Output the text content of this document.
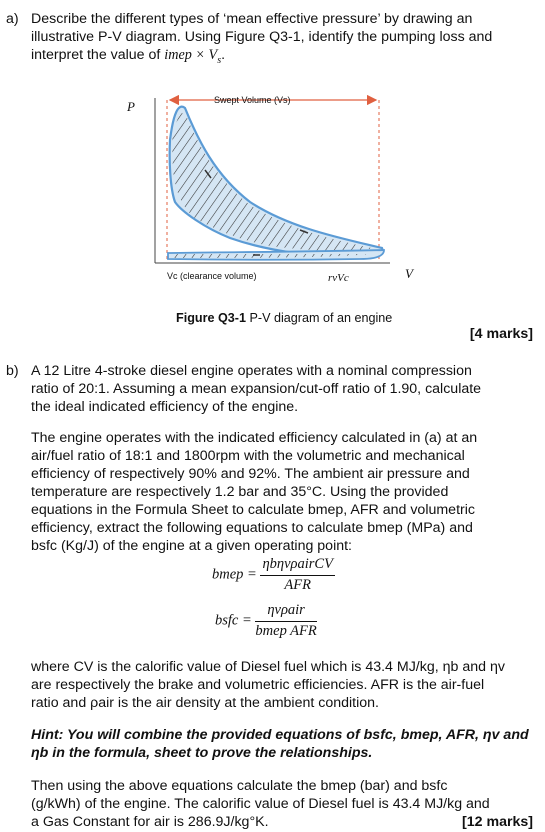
a) Describe the different types of ‘mean effective pressure’ by drawing an
illustrative P-V diagram. Using Figure Q3-1, identify the pumping loss and
interpret the value of imep × $V_s$.
P
V
Swept Volume (Vs)
Vc (clearance volume)	rvVc
Figure Q3-1 P-V diagram of an engine
[4 marks]
b) A 12 Litre 4-stroke diesel engine operates with a nominal compression
ratio of 20:1. Assuming a mean expansion/cut-off ratio of 1.90, calculate
the ideal indicated efficiency of the engine.
The engine operates with the indicated efficiency calculated in (a) at an
air/fuel ratio of 18:1 and 1800rpm with the volumetric and mechanical
efficiency of respectively 90% and 92%. The ambient air pressure and
temperature are respectively 1.2 bar and 35°C. Using the provided
equations in the Formula Sheet to calculate bmep, AFR and volumetric
efficiency, extract the following equations to calculate bmep (MPa) and
bsfc (Kg/J) of the engine at a given operating point:
bmep = $\frac{\text{ηbηvρairCV}}{\text{AFR}}$
bsfc = $\frac{\text{ηvρair}}{\text{bmep AFR}}$
where CV is the calorific value of Diesel fuel which is 43.4 MJ/kg, ηb and ηv
are respectively the brake and volumetric efficiencies. AFR is the air-fuel
ratio and ρair is the air density at the ambient condition.
Hint: You will combine the provided equations of bsfc, bmep, AFR, ηv and
ηb in the formula, sheet to prove the relationships.
Then using the above equations calculate the bmep (bar) and bsfc
(g/kWh) of the engine. The calorific value of Diesel fuel is 43.4 MJ/kg and
a Gas Constant for air is 286.9J/kg°K.	[12 marks]
